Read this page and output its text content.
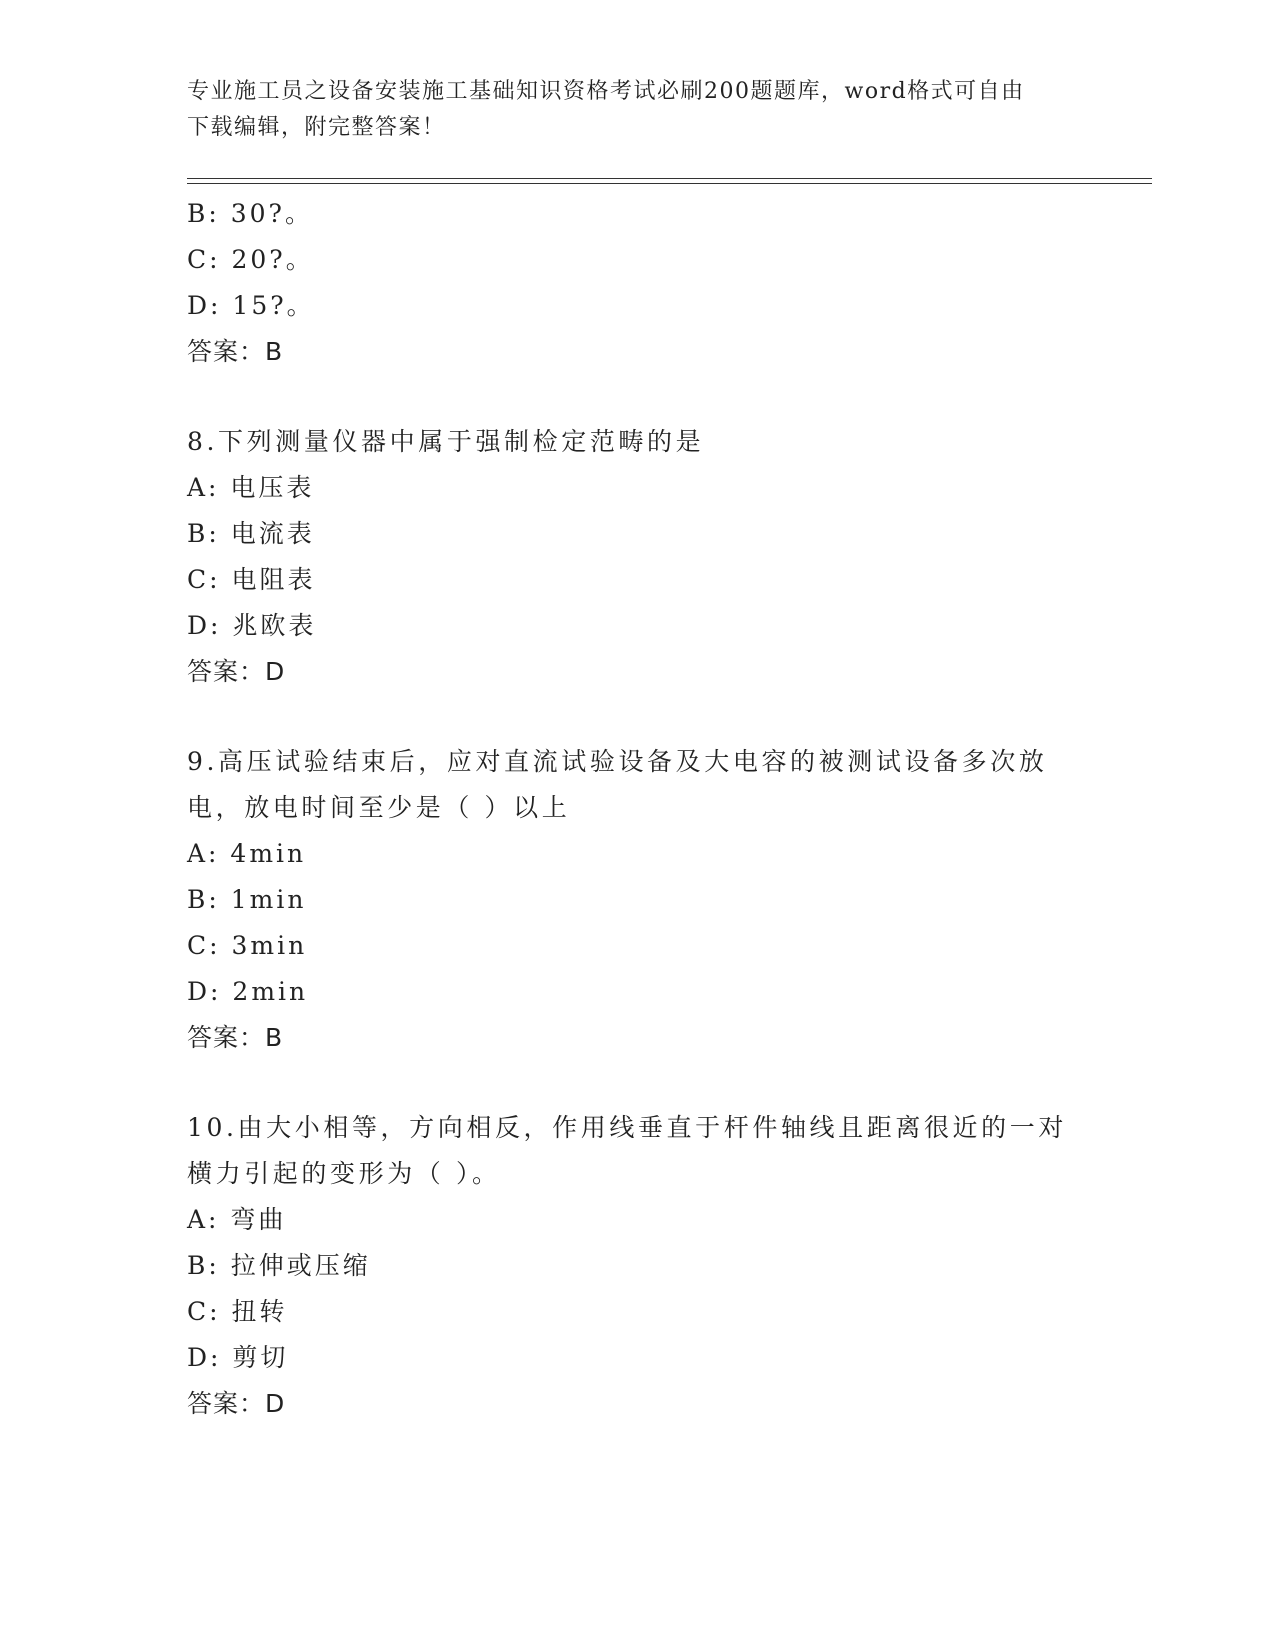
专业施工员之设备安装施工基础知识资格考试必刷200题题库，word格式可自由
下载编辑，附完整答案！
B: 30?。
C: 20?。
D: 15?。
答案：B
8.下列测量仪器中属于强制检定范畴的是
A: 电压表
B: 电流表
C: 电阻表
D: 兆欧表
答案：D
9.高压试验结束后，应对直流试验设备及大电容的被测试设备多次放
电，放电时间至少是（ ）以上
A: 4min
B: 1min
C: 3min
D: 2min
答案：B
10.由大小相等，方向相反，作用线垂直于杆件轴线且距离很近的一对
横力引起的变形为（ ）。
A: 弯曲
B: 拉伸或压缩
C: 扭转
D: 剪切
答案：D
